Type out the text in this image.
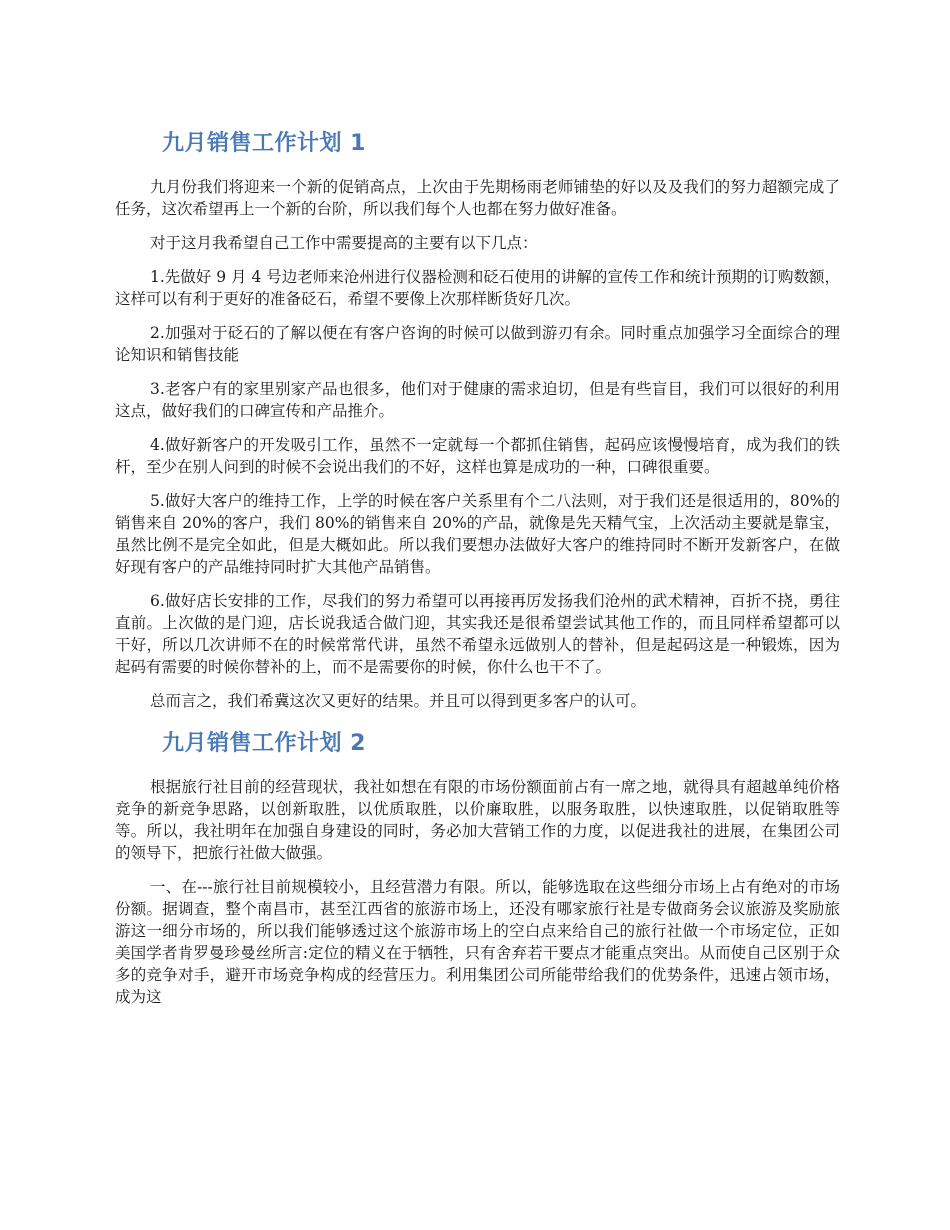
九月销售工作计划 1

九月份我们将迎来一个新的促销高点，上次由于先期杨雨老师铺垫的好以及及我们的努力超额完成了任务，这次希望再上一个新的台阶，所以我们每个人也都在努力做好准备。

对于这月我希望自己工作中需要提高的主要有以下几点：

1.先做好 9 月 4 号边老师来沧州进行仪器检测和砭石使用的讲解的宣传工作和统计预期的订购数额，这样可以有利于更好的准备砭石，希望不要像上次那样断货好几次。

2.加强对于砭石的了解以便在有客户咨询的时候可以做到游刃有余。同时重点加强学习全面综合的理论知识和销售技能

3.老客户有的家里别家产品也很多，他们对于健康的需求迫切，但是有些盲目，我们可以很好的利用这点，做好我们的口碑宣传和产品推介。

4.做好新客户的开发吸引工作，虽然不一定就每一个都抓住销售，起码应该慢慢培育，成为我们的铁杆，至少在别人问到的时候不会说出我们的不好，这样也算是成功的一种，口碑很重要。

5.做好大客户的维持工作，上学的时候在客户关系里有个二八法则，对于我们还是很适用的，80%的销售来自 20%的客户，我们 80%的销售来自 20%的产品，就像是先天精气宝，上次活动主要就是靠宝，虽然比例不是完全如此，但是大概如此。所以我们要想办法做好大客户的维持同时不断开发新客户，在做好现有客户的产品维持同时扩大其他产品销售。

6.做好店长安排的工作，尽我们的努力希望可以再接再厉发扬我们沧州的武术精神，百折不挠，勇往直前。上次做的是门迎，店长说我适合做门迎，其实我还是很希望尝试其他工作的，而且同样希望都可以干好，所以几次讲师不在的时候常常代讲，虽然不希望永远做别人的替补，但是起码这是一种锻炼，因为起码有需要的时候你替补的上，而不是需要你的时候，你什么也干不了。

总而言之，我们希冀这次又更好的结果。并且可以得到更多客户的认可。

九月销售工作计划 2

根据旅行社目前的经营现状，我社如想在有限的市场份额面前占有一席之地，就得具有超越单纯价格竞争的新竞争思路，以创新取胜，以优质取胜，以价廉取胜，以服务取胜，以快速取胜，以促销取胜等等。所以，我社明年在加强自身建设的同时，务必加大营销工作的力度，以促进我社的进展，在集团公司的领导下，把旅行社做大做强。

一、在---旅行社目前规模较小，且经营潜力有限。所以，能够选取在这些细分市场上占有绝对的市场份额。据调查，整个南昌市，甚至江西省的旅游市场上，还没有哪家旅行社是专做商务会议旅游及奖励旅游这一细分市场的，所以我们能够透过这个旅游市场上的空白点来给自己的旅行社做一个市场定位，正如美国学者肯罗曼珍曼丝所言:定位的精义在于牺牲，只有舍弃若干要点才能重点突出。从而使自己区别于众多的竞争对手，避开市场竞争构成的经营压力。利用集团公司所能带给我们的优势条件，迅速占领市场，成为这
